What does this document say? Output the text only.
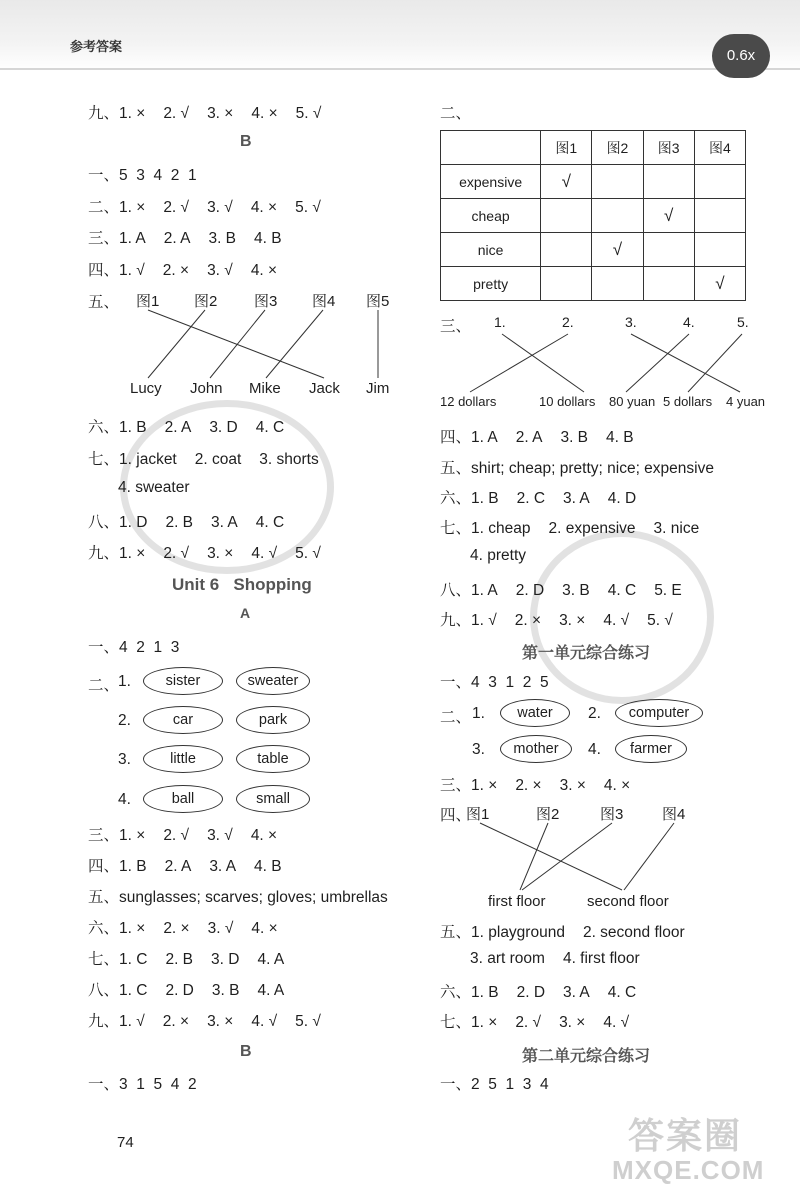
参考答案
0.6x
九、1. × 2. √ 3. × 4. × 5. √
B
一、5  3  4  2  1
二、1. × 2. √ 3. √ 4. × 5. √
三、1. A 2. A 3. B 4. B
四、1. √ 2. × 3. √ 4. ×
五、 图1 图2 图3 图4 图5
Lucy John Mike Jack Jim
六、1. B 2. A 3. D 4. C
七、1. jacket 2. coat 3. shorts
4. sweater
八、1. D 2. B 3. A 4. C
九、1. × 2. √ 3. × 4. √ 5. √
Unit 6   Shopping
A
一、4  2  1  3
二、
1.	sister	sweater
2.	car	park
3.	little	table
4.	ball	small
三、1. × 2. √ 3. √ 4. ×
四、1. B 2. A 3. A 4. B
五、sunglasses; scarves; gloves; umbrellas
六、1. × 2. × 3. √ 4. ×
七、1. C 2. B 3. D 4. A
八、1. C 2. D 3. B 4. A
九、1. √ 2. × 3. × 4. √ 5. √
B
一、3  1  5  4  2
二、
	图1	图2	图3	图4
expensive	√			
cheap			√	
nice		√		
pretty				√
三、 1.	2.	3.	4.	5.
12 dollars	10 dollars 80 yuan 5 dollars 4 yuan
四、1. A 2. A 3. B 4. B
五、shirt; cheap; pretty; nice; expensive
六、1. B 2. C 3. A 4. D
七、1. cheap 2. expensive 3. nice
4. pretty
八、1. A 2. D 3. B 4. C 5. E
九、1. √ 2. × 3. × 4. √ 5. √
第一单元综合练习
一、4  3  1  2  5
二、 1.	water	2.	computer
3.	mother	4.	farmer
三、1. × 2. × 3. × 4. ×
四、
图1	图2	图3	图4
first floor	second floor
五、1. playground 2. second floor
3. art room 4. first floor
六、1. B 2. D 3. A 4. C
七、1. × 2. √ 3. × 4. √
第二单元综合练习
一、2  5  1  3  4
74	答案圈
MXQE.COM
